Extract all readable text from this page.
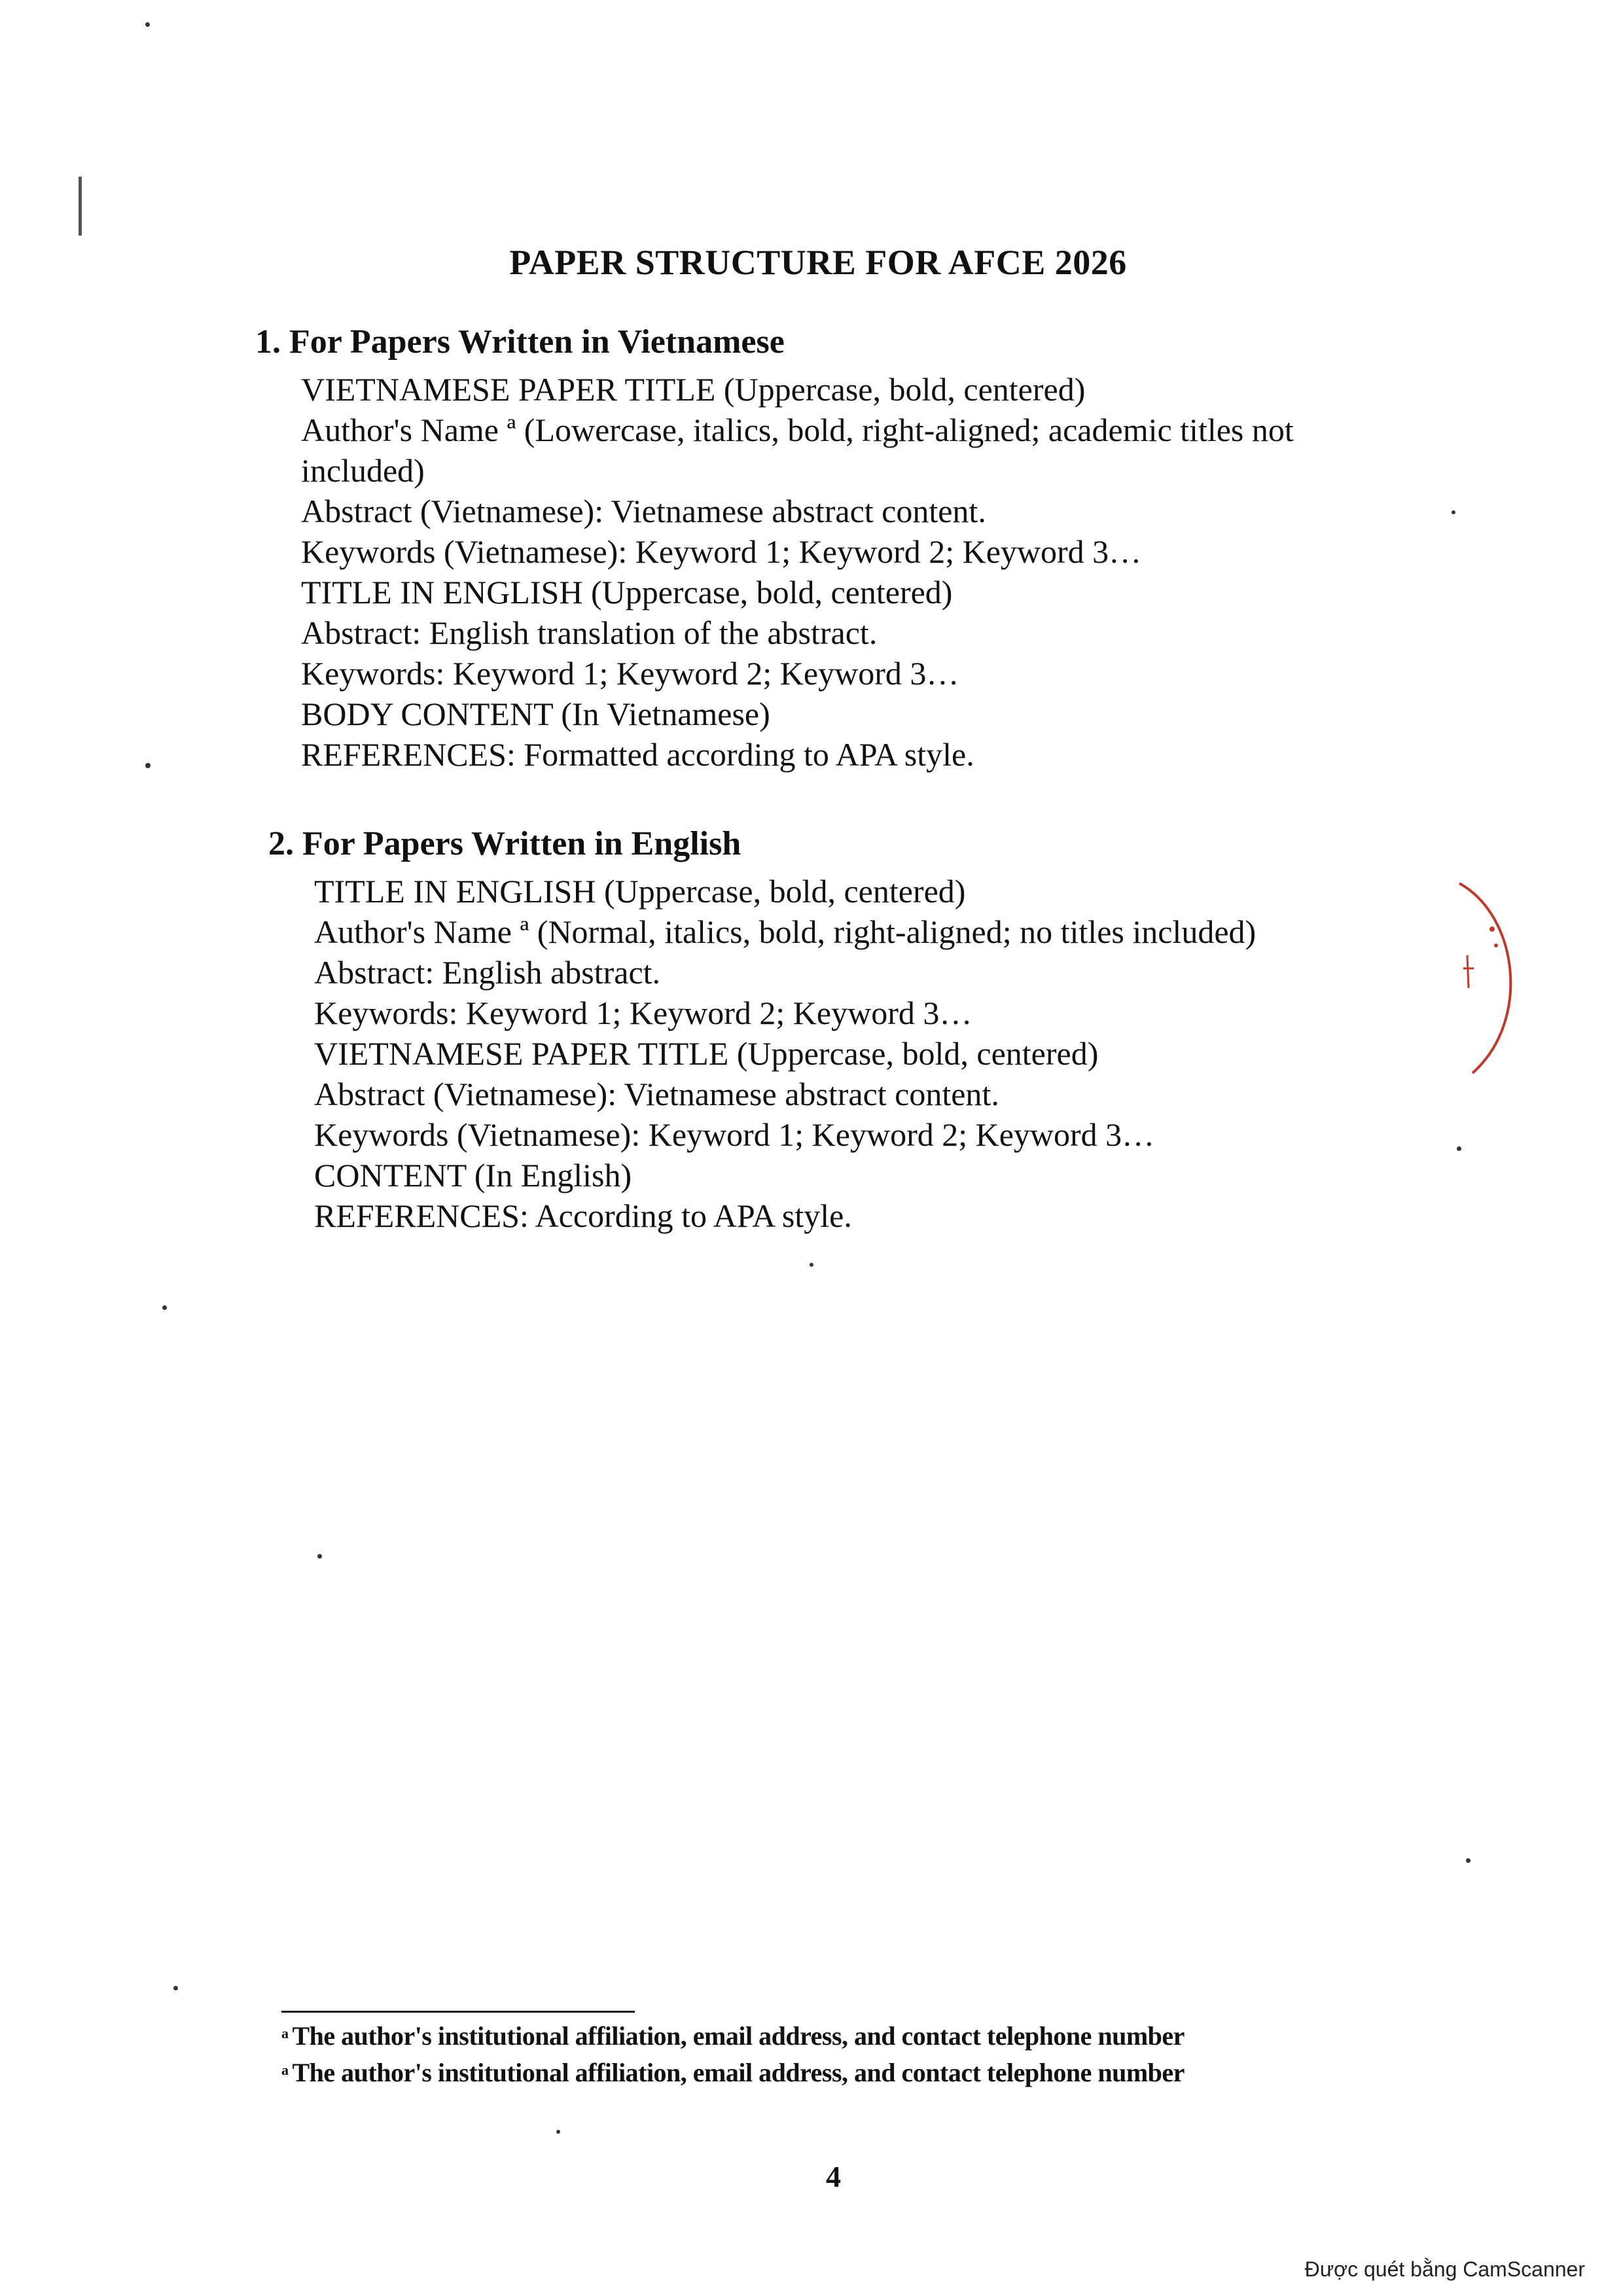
PAPER STRUCTURE FOR AFCE 2026
1. For Papers Written in Vietnamese
VIETNAMESE PAPER TITLE (Uppercase, bold, centered)
Author's Name ª (Lowercase, italics, bold, right-aligned; academic titles not included)
Abstract (Vietnamese): Vietnamese abstract content.
Keywords (Vietnamese): Keyword 1; Keyword 2; Keyword 3…
TITLE IN ENGLISH (Uppercase, bold, centered)
Abstract: English translation of the abstract.
Keywords: Keyword 1; Keyword 2; Keyword 3…
BODY CONTENT (In Vietnamese)
REFERENCES: Formatted according to APA style.
2. For Papers Written in English
TITLE IN ENGLISH (Uppercase, bold, centered)
Author's Name ª (Normal, italics, bold, right-aligned; no titles included)
Abstract: English abstract.
Keywords: Keyword 1; Keyword 2; Keyword 3…
VIETNAMESE PAPER TITLE (Uppercase, bold, centered)
Abstract (Vietnamese): Vietnamese abstract content.
Keywords (Vietnamese): Keyword 1; Keyword 2; Keyword 3…
CONTENT (In English)
REFERENCES: According to APA style.
$^a$ The author's institutional affiliation, email address, and contact telephone number
$^a$ The author's institutional affiliation, email address, and contact telephone number
4
Được quét bằng CamScanner
